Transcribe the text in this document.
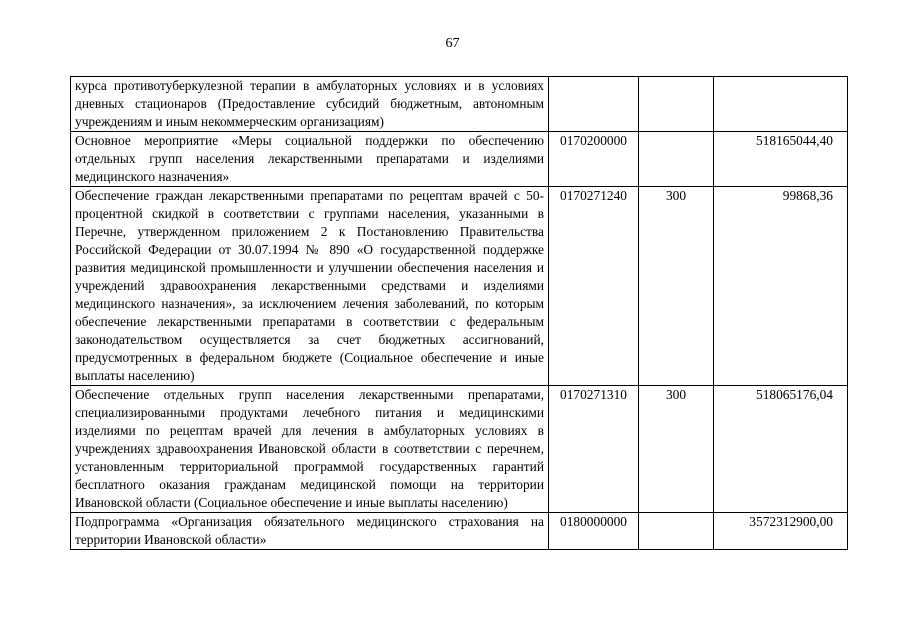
67
курса противотуберкулезной терапии в амбулаторных условиях и в условиях дневных стационаров (Предоставление субсидий бюджетным, автономным учреждениям и иным некоммерческим организациям)			
Основное мероприятие «Меры социальной поддержки по обеспечению отдельных групп населения лекарственными препаратами и изделиями медицинского назначения»	0170200000		518165044,40
Обеспечение граждан лекарственными препаратами по рецептам врачей с 50-процентной скидкой в соответствии с группами населения, указанными в Перечне, утвержденном приложением 2 к Постановлению Правительства Российской Федерации от 30.07.1994 № 890 «О государственной поддержке развития медицинской промышленности и улучшении обеспечения населения и учреждений здравоохранения лекарственными средствами и изделиями медицинского назначения», за исключением лечения заболеваний, по которым обеспечение лекарственными препаратами в соответствии с федеральным законодательством осуществляется за счет бюджетных ассигнований, предусмотренных в федеральном бюджете (Социальное обеспечение и иные выплаты населению)	0170271240	300	99868,36
Обеспечение отдельных групп населения лекарственными препаратами, специализированными продуктами лечебного питания и медицинскими изделиями по рецептам врачей для лечения в амбулаторных условиях в учреждениях здравоохранения Ивановской области в соответствии с перечнем, установленным территориальной программой государственных гарантий бесплатного оказания гражданам медицинской помощи на территории Ивановской области (Социальное обеспечение и иные выплаты населению)	0170271310	300	518065176,04
Подпрограмма «Организация обязательного медицинского страхования на территории Ивановской области»	0180000000		3572312900,00
